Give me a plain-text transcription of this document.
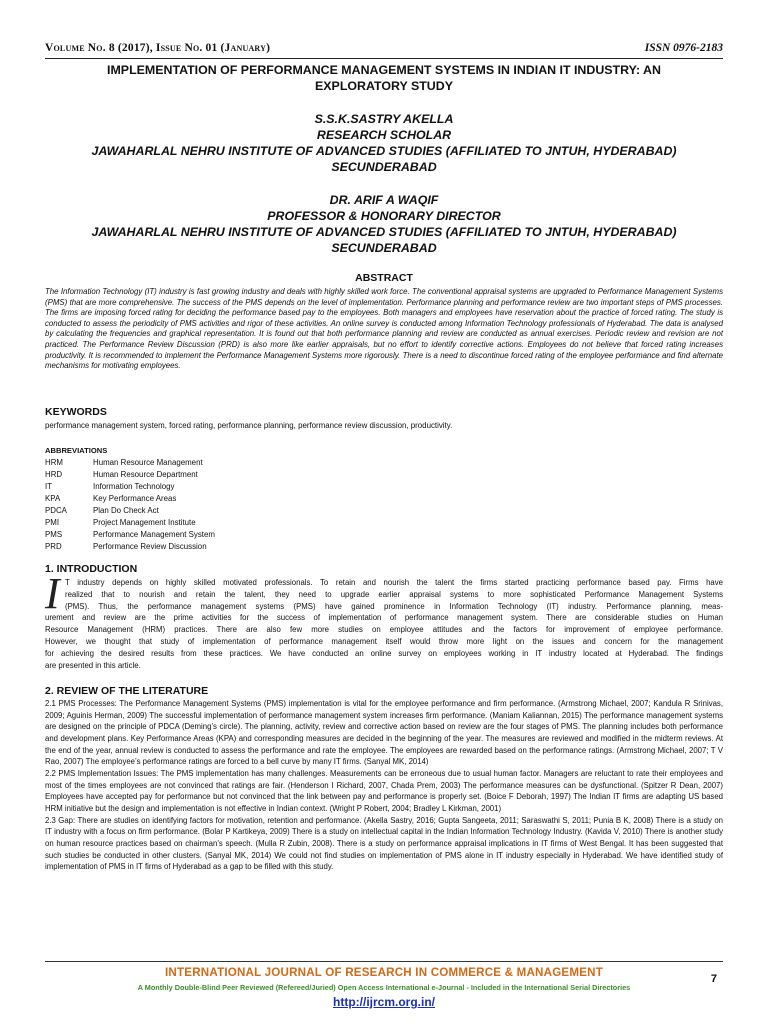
Volume No. 8 (2017), Issue No. 01 (January)	ISSN 0976-2183
IMPLEMENTATION OF PERFORMANCE MANAGEMENT SYSTEMS IN INDIAN IT INDUSTRY: AN
EXPLORATORY STUDY
S.S.K.SASTRY AKELLA
RESEARCH SCHOLAR
JAWAHARLAL NEHRU INSTITUTE OF ADVANCED STUDIES (AFFILIATED TO JNTUH, HYDERABAD)
SECUNDERABAD
DR. ARIF A WAQIF
PROFESSOR & HONORARY DIRECTOR
JAWAHARLAL NEHRU INSTITUTE OF ADVANCED STUDIES (AFFILIATED TO JNTUH, HYDERABAD)
SECUNDERABAD
ABSTRACT
The Information Technology (IT) industry is fast growing industry and deals with highly skilled work force. The conventional appraisal systems are upgraded to Performance Management Systems (PMS) that are more comprehensive. The success of the PMS depends on the level of implementation. Performance planning and performance review are two important steps of PMS processes. The firms are imposing forced rating for deciding the performance based pay to the employees. Both managers and employees have reservation about the practice of forced rating. The study is conducted to assess the periodicity of PMS activities and rigor of these activities. An online survey is conducted among Information Technology professionals of Hyderabad. The data is analysed by calculating the frequencies and graphical representation. It is found out that both performance planning and review are conducted as annual exercises. Periodic review and revision are not practiced. The Performance Review Discussion (PRD) is also more like earlier appraisals, but no effort to identify corrective actions. Employees do not believe that forced rating increases productivity. It is recommended to implement the Performance Management Systems more rigorously. There is a need to discontinue forced rating of the employee performance and find alternate mechanisms for motivating employees.
KEYWORDS
performance management system, forced rating, performance planning, performance review discussion, productivity.
ABBREVIATIONS
HRM	Human Resource Management
HRD	Human Resource Department
IT	Information Technology
KPA	Key Performance Areas
PDCA	Plan Do Check Act
PMI	Project Management Institute
PMS	Performance Management System
PRD	Performance Review Discussion
1. INTRODUCTION
I T industry depends on highly skilled motivated professionals. To retain and nourish the talent the firms started practicing performance based pay. Firms have
realized that to nourish and retain the talent, they need to upgrade earlier appraisal systems to more sophisticated Performance Management Systems
(PMS). Thus, the performance management systems (PMS) have gained prominence in Information Technology (IT) industry. Performance planning, meas-
urement and review are the prime activities for the success of implementation of performance management system. There are considerable studies on Human
Resource Management (HRM) practices. There are also few more studies on employee attitudes and the factors for improvement of employee performance.
However, we thought that study of implementation of performance management itself would throw more light on the issues and concern for the management
for achieving the desired results from these practices. We have conducted an online survey on employees working in IT industry located at Hyderabad. The findings
are presented in this article.
2. REVIEW OF THE LITERATURE

2.1 PMS Processes: The Performance Management Systems (PMS) implementation is vital for the employee performance and firm performance. (Armstrong Michael, 2007; Kandula R Srinivas, 2009; Aguinis Herman, 2009) The successful implementation of performance management system increases firm performance. (Maniam Kaliannan, 2015) The performance management systems are designed on the principle of PDCA (Deming’s circle). The planning, activity, review and corrective action based on review are the four stages of PMS. The planning includes both performance and development plans. Key Performance Areas (KPA) and corresponding measures are decided in the beginning of the year. The measures are reviewed and modified in the midterm reviews. At the end of the year, annual review is conducted to assess the performance and rate the employee. The employees are rewarded based on the performance ratings. (Armstrong Michael, 2007; T V Rao, 2007) The employee’s performance ratings are forced to a bell curve by many IT firms. (Sanyal MK, 2014)

2.2 PMS Implementation Issues: The PMS implementation has many challenges. Measurements can be erroneous due to usual human factor. Managers are reluctant to rate their employees and most of the times employees are not convinced that ratings are fair. (Henderson I Richard, 2007, Chada Prem, 2003) The performance measures can be dysfunctional. (Spitzer R Dean, 2007) Employees have accepted pay for performance but not convinced that the link between pay and performance is properly set. (Boice F Deborah, 1997) The Indian IT firms are adapting US based HRM initiative but the design and implementation is not effective in Indian context. (Wright P Robert, 2004; Bradley L Kirkman, 2001)

2.3 Gap: There are studies on identifying factors for motivation, retention and performance. (Akella Sastry, 2016; Gupta Sangeeta, 2011; Saraswathi S, 2011; Punia B K, 2008) There is a study on IT industry with a focus on firm performance. (Bolar P Kartikeya, 2009) There is a study on intellectual capital in the Indian Information Technology Industry. (Kavida V, 2010) There is another study on human resource practices based on chairman’s speech. (Mulla R Zubin, 2008). There is a study on performance appraisal implications in IT firms of West Bengal. It has been suggested that such studies be conducted in other clusters. (Sanyal MK, 2014) We could not find studies on implementation of PMS alone in IT industry especially in Hyderabad. We have identified study of implementation of PMS in IT firms of Hyderabad as a gap to be filled with this study.

INTERNATIONAL JOURNAL OF RESEARCH IN COMMERCE & MANAGEMENT
A Monthly Double-Blind Peer Reviewed (Refereed/Juried) Open Access International e-Journal - Included in the International Serial Directories
http://ijrcm.org.in/
7
